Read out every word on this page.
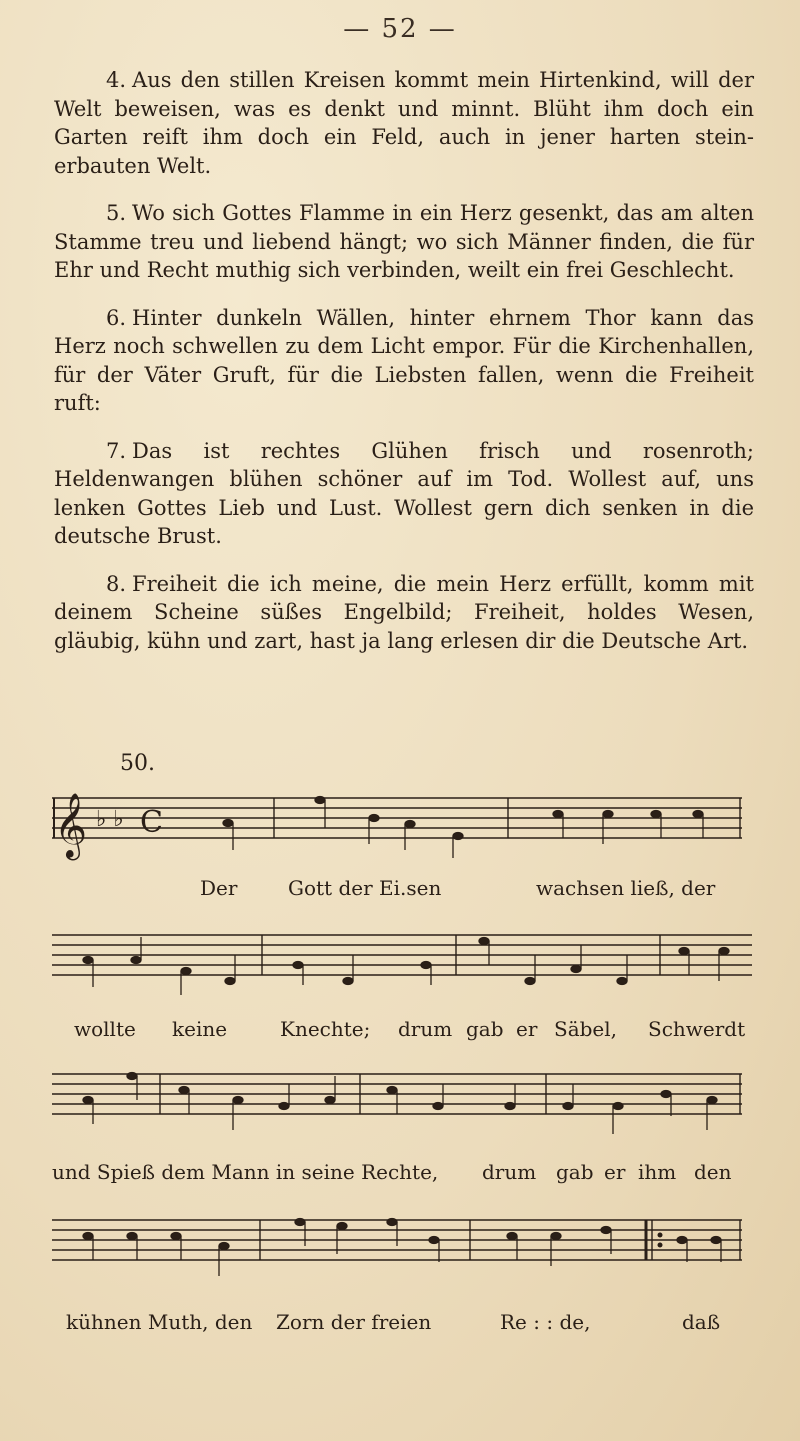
— 52 —

4. Aus den stillen Kreisen kommt mein Hirtenkind, will der Welt beweisen, was es denkt und minnt. Blüht ihm doch ein Garten reift ihm doch ein Feld, auch in jener harten stein-erbauten Welt.

5. Wo sich Gottes Flamme in ein Herz gesenkt, das am alten Stamme treu und liebend hängt; wo sich Männer finden, die für Ehr und Recht muthig sich verbinden, weilt ein frei Geschlecht.

6. Hinter dunkeln Wällen, hinter ehrnem Thor kann das Herz noch schwellen zu dem Licht empor. Für die Kirchenhallen, für der Väter Gruft, für die Liebsten fallen, wenn die Freiheit ruft:

7. Das ist rechtes Glühen frisch und rosenroth; Heldenwangen blühen schöner auf im Tod. Wollest auf, uns lenken Gottes Lieb und Lust. Wollest gern dich senken in die deutsche Brust.

8. Freiheit die ich meine, die mein Herz erfüllt, komm mit deinem Scheine süßes Engelbild; Freiheit, holdes Wesen, gläubig, kühn und zart, hast ja lang erlesen dir die Deutsche Art.

50.
𝄞 ♭ ♭ C
Der	Gott der Ei.sen	wachsen ließ, der
wollte keine	Knechte; drum gab er Säbel, Schwerdt
und Spieß dem Mann in seine Rechte, drum gab er ihm den
kühnen Muth, den Zorn der freien	Re : : de,	daß
